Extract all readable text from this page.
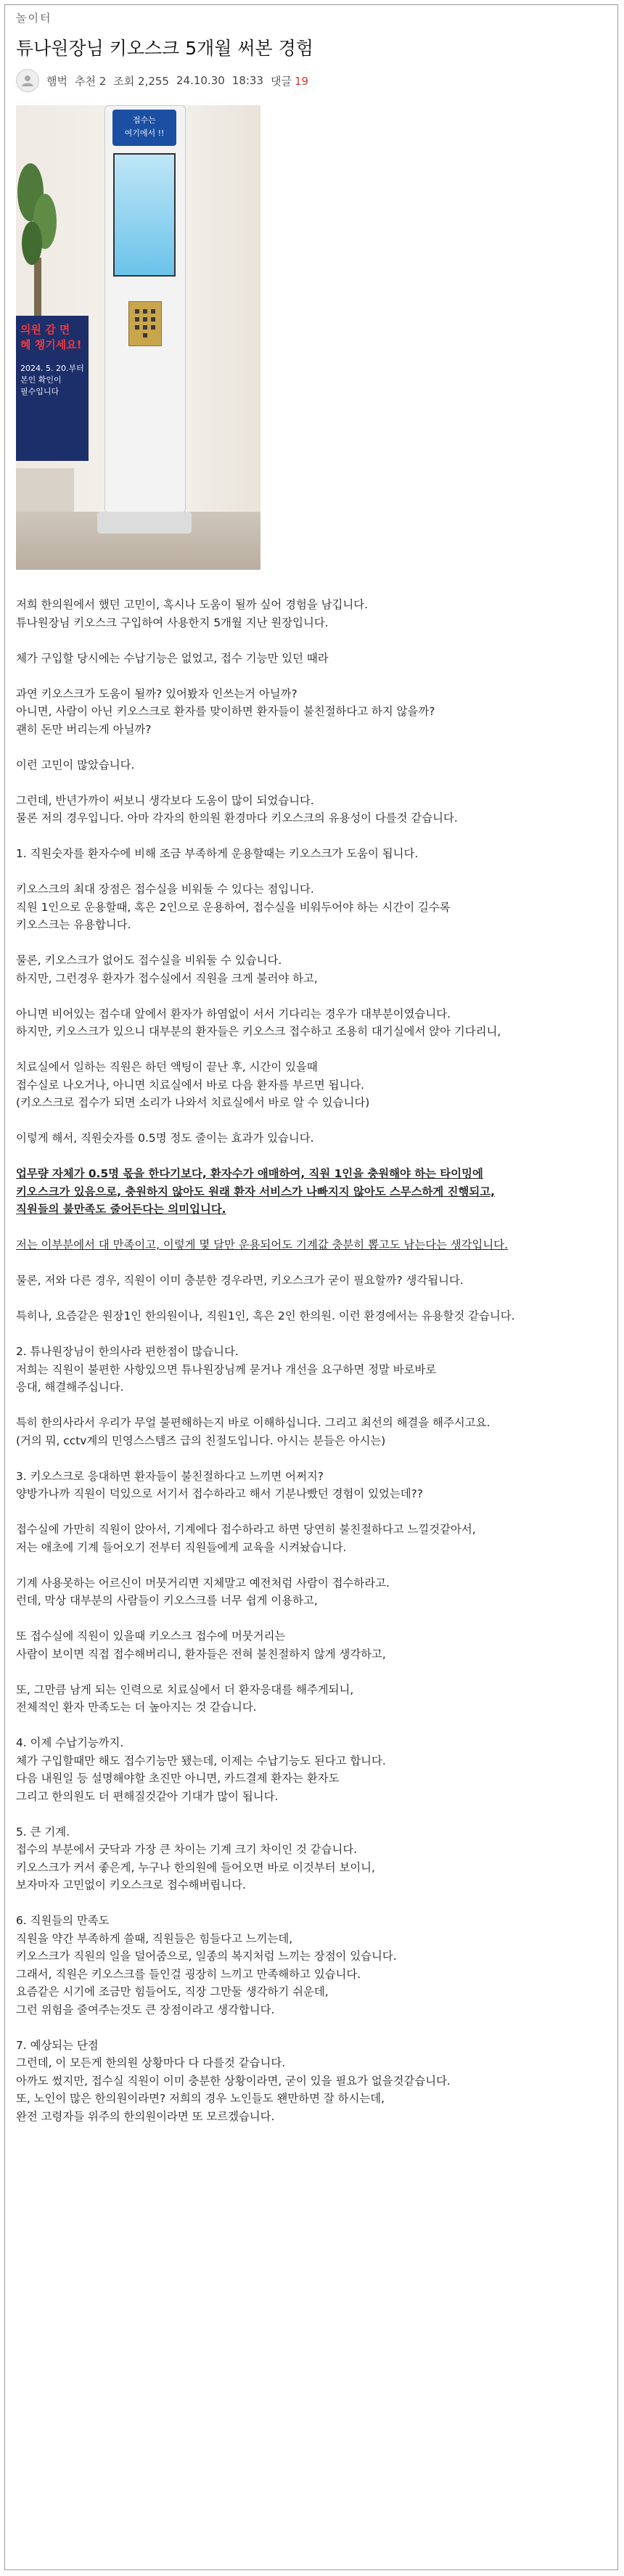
놀이터
튜나원장님 키오스크 5개월 써본 경험
햄벅 추천 2 조회 2,255 24.10.30 18:33 댓글 19
의원 감 면
혜 챙기세요!
2024. 5. 20.부터
본인 확인이
필수입니다
접수는
여기에서 !!

저희 한의원에서 했던 고민이, 혹시나 도움이 될까 싶어 경험을 남깁니다.
튜나원장님 키오스크 구입하여 사용한지 5개월 지난 원장입니다.

체가 구입할 당시에는 수납기능은 없었고, 접수 기능만 있던 때라

과연 키오스크가 도움이 될까? 있어봤자 인쓰는거 아닐까?
아니면, 사람이 아닌 키오스크로 환자를 맞이하면 환자들이 불친절하다고 하지 않을까?
괜히 돈만 버리는게 아닐까?

이런 고민이 많았습니다.

그런데, 반년가까이 써보니 생각보다 도움이 많이 되었습니다.
물론 저의 경우입니다. 아마 각자의 한의원 환경마다 키오스크의 유용성이 다를것 같습니다.

1. 직원숫자를 환자수에 비해 조금 부족하게 운용할때는 키오스크가 도움이 됩니다.

키오스크의 최대 장점은 접수실을 비워둘 수 있다는 점입니다.
직원 1인으로 운용할때, 혹은 2인으로 운용하여, 접수실을 비워두어야 하는 시간이 길수록
키오스크는 유용합니다.

물론, 키오스크가 없어도 접수실을 비워둘 수 있습니다.
하지만, 그런경우 환자가 접수실에서 직원을 크게 불러야 하고,

아니면 비어있는 접수대 앞에서 환자가 하염없이 서서 기다리는 경우가 대부분이였습니다.
하지만, 키오스크가 있으니 대부분의 환자들은 키오스크 접수하고 조용히 대기실에서 앉아 기다리니,

치료실에서 일하는 직원은 하던 액팅이 끝난 후, 시간이 있을때
접수실로 나오거나, 아니면 치료실에서 바로 다음 환자를 부르면 됩니다.
(키오스크로 접수가 되면 소리가 나와서 치료실에서 바로 알 수 있습니다)

이렇게 해서, 직원숫자를 0.5명 정도 줄이는 효과가 있습니다.

업무량 자체가 0.5명 몫을 한다기보다, 환자수가 애매하여, 직원 1인을 충원해야 하는 타이밍에
키오스크가 있음으로, 충원하지 않아도 원래 환자 서비스가 나빠지지 않아도 스무스하게 진행되고,
직원들의 불만족도 줄어든다는 의미입니다.

저는 이부분에서 대 만족이고, 이렇게 몇 달만 운용되어도 기계값 충분히 뽑고도 남는다는 생각입니다.

물론, 저와 다른 경우, 직원이 이미 충분한 경우라면, 키오스크가 굳이 필요할까? 생각됩니다.

특히나, 요즘같은 원장1인 한의원이나, 직원1인, 혹은 2인 한의원. 이런 환경에서는 유용할것 같습니다.

2. 튜나원장님이 한의사라 편한점이 많습니다.
저희는 직원이 불편한 사항있으면 튜나원장님께 묻거나 개선을 요구하면 정말 바로바로
응대, 해결해주십니다.

특히 한의사라서 우리가 무얼 불편해하는지 바로 이해하십니다. 그리고 최선의 해결을 해주시고요.
(거의 뭐, cctv계의 민영스스템즈 급의 친절도입니다. 아시는 분들은 아시는)

3. 키오스크로 응대하면 환자들이 불친절하다고 느끼면 어쩌지?
양방가나까 직원이 덕있으로 서기서 접수하라고 해서 기분나빴던 경험이 있었는데??

접수실에 가만히 직원이 앉아서, 기계에다 접수하라고 하면 당연히 불친절하다고 느낄것같아서,
저는 애초에 기계 들어오기 전부터 직원들에게 교육을 시켜놨습니다.

기계 사용못하는 어르신이 머뭇거리면 지체말고 예전처럼 사람이 접수하라고.
런데, 막상 대부분의 사람들이 키오스크를 너무 쉽게 이용하고,

또 접수실에 직원이 있을때 키오스크 접수에 머뭇거리는
사람이 보이면 직접 접수해버리니, 환자들은 전혀 불친절하지 않게 생각하고,

또, 그만큼 남게 되는 인력으로 치료실에서 더 환자응대를 해주게되니,
전체적인 환자 만족도는 더 높아지는 것 같습니다.

4. 이제 수납기능까지.
체가 구입할때만 해도 접수기능만 됐는데, 이제는 수납기능도 된다고 합니다.
다음 내원일 등 설명해야할 초진만 아니면, 카드결제 환자는 환자도
그리고 한의원도 더 편해질것같아 기대가 많이 됩니다.

5. 큰 기계.
접수의 부분에서 굿닥과 가장 큰 차이는 기계 크기 차이인 것 같습니다.
키오스크가 커서 좋은게, 누구나 한의원에 들어오면 바로 이것부터 보이니,
보자마자 고민없이 키오스크로 접수해버립니다.

6. 직원들의 만족도
직원을 약간 부족하게 쓸때, 직원들은 힘들다고 느끼는데,
키오스크가 직원의 일을 덜어줌으로, 일종의 복지처럼 느끼는 장점이 있습니다.
그래서, 직원은 키오스크를 들인걸 굉장히 느끼고 만족해하고 있습니다.
요즘같은 시기에 조금만 힘들어도, 직장 그만둘 생각하기 쉬운데,
그런 위험을 줄여주는것도 큰 장점이라고 생각합니다.

7. 예상되는 단점
그런데, 이 모든게 한의원 상황마다 다 다를것 같습니다.
아까도 썼지만, 접수실 직원이 이미 충분한 상황이라면, 굳이 있을 필요가 없을것같습니다.
또, 노인이 많은 한의원이라면? 저희의 경우 노인들도 왠만하면 잘 하시는데,
완전 고령자들 위주의 한의원이라면 또 모르겠습니다.
